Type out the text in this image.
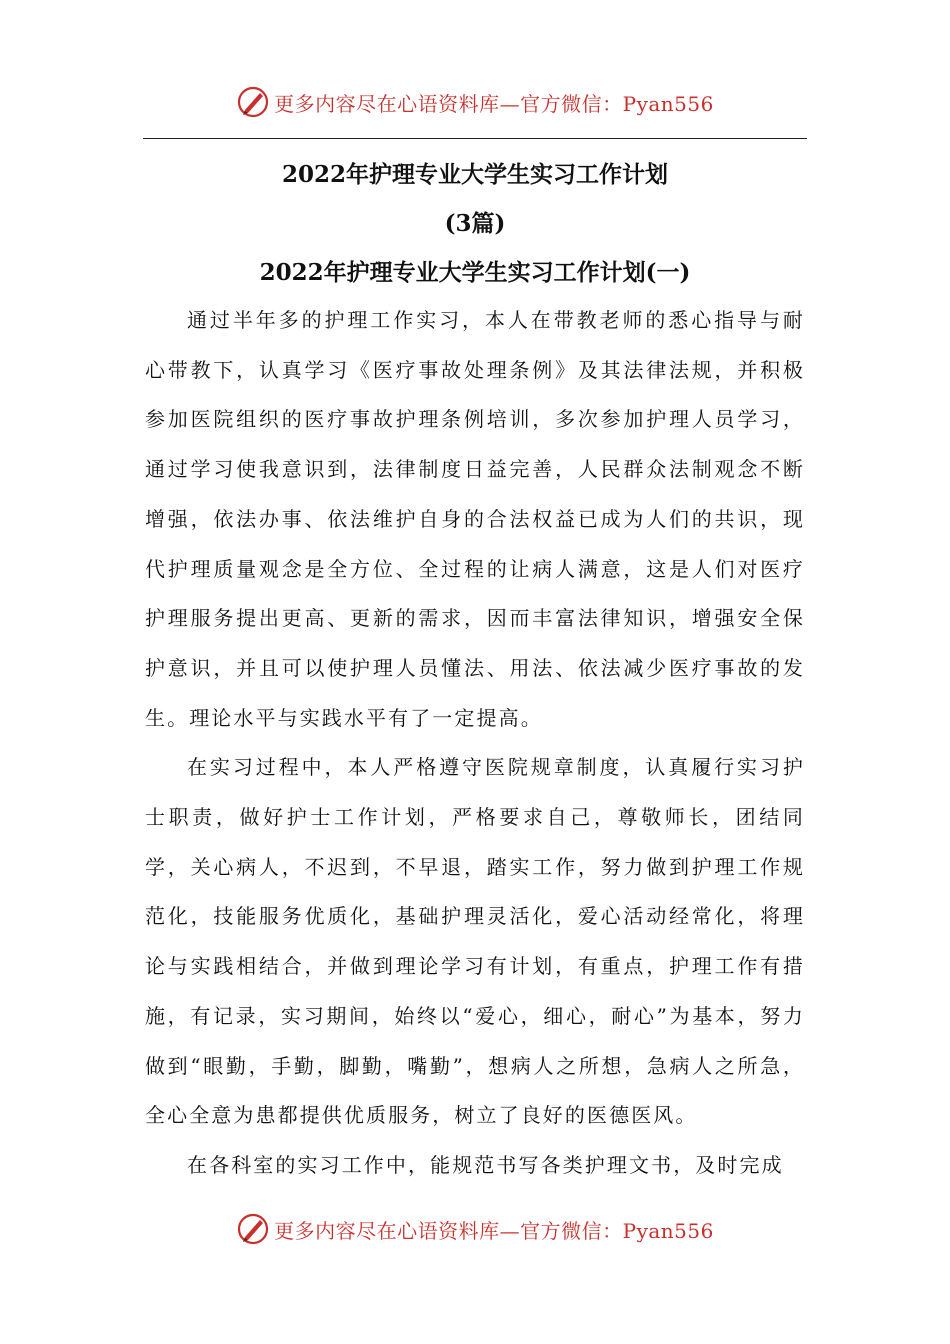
更多内容尽在心语资料库—官方微信：Pyan556
2022年护理专业大学生实习工作计划
(3篇)
2022年护理专业大学生实习工作计划(一)

通过半年多的护理工作实习，本人在带教老师的悉心指导与耐心带教下，认真学习《医疗事故处理条例》及其法律法规，并积极参加医院组织的医疗事故护理条例培训，多次参加护理人员学习，通过学习使我意识到，法律制度日益完善，人民群众法制观念不断增强，依法办事、依法维护自身的合法权益已成为人们的共识，现代护理质量观念是全方位、全过程的让病人满意，这是人们对医疗护理服务提出更高、更新的需求，因而丰富法律知识，增强安全保护意识，并且可以使护理人员懂法、用法、依法减少医疗事故的发生。理论水平与实践水平有了一定提高。

在实习过程中，本人严格遵守医院规章制度，认真履行实习护士职责，做好护士工作计划，严格要求自己，尊敬师长，团结同学，关心病人，不迟到，不早退，踏实工作，努力做到护理工作规范化，技能服务优质化，基础护理灵活化，爱心活动经常化，将理论与实践相结合，并做到理论学习有计划，有重点，护理工作有措施，有记录，实习期间，始终以“爱心，细心，耐心”为基本，努力做到“眼勤，手勤，脚勤，嘴勤”，想病人之所想，急病人之所急，全心全意为患都提供优质服务，树立了良好的医德医风。

在各科室的实习工作中，能规范书写各类护理文书，及时完成

更多内容尽在心语资料库—官方微信：Pyan556
